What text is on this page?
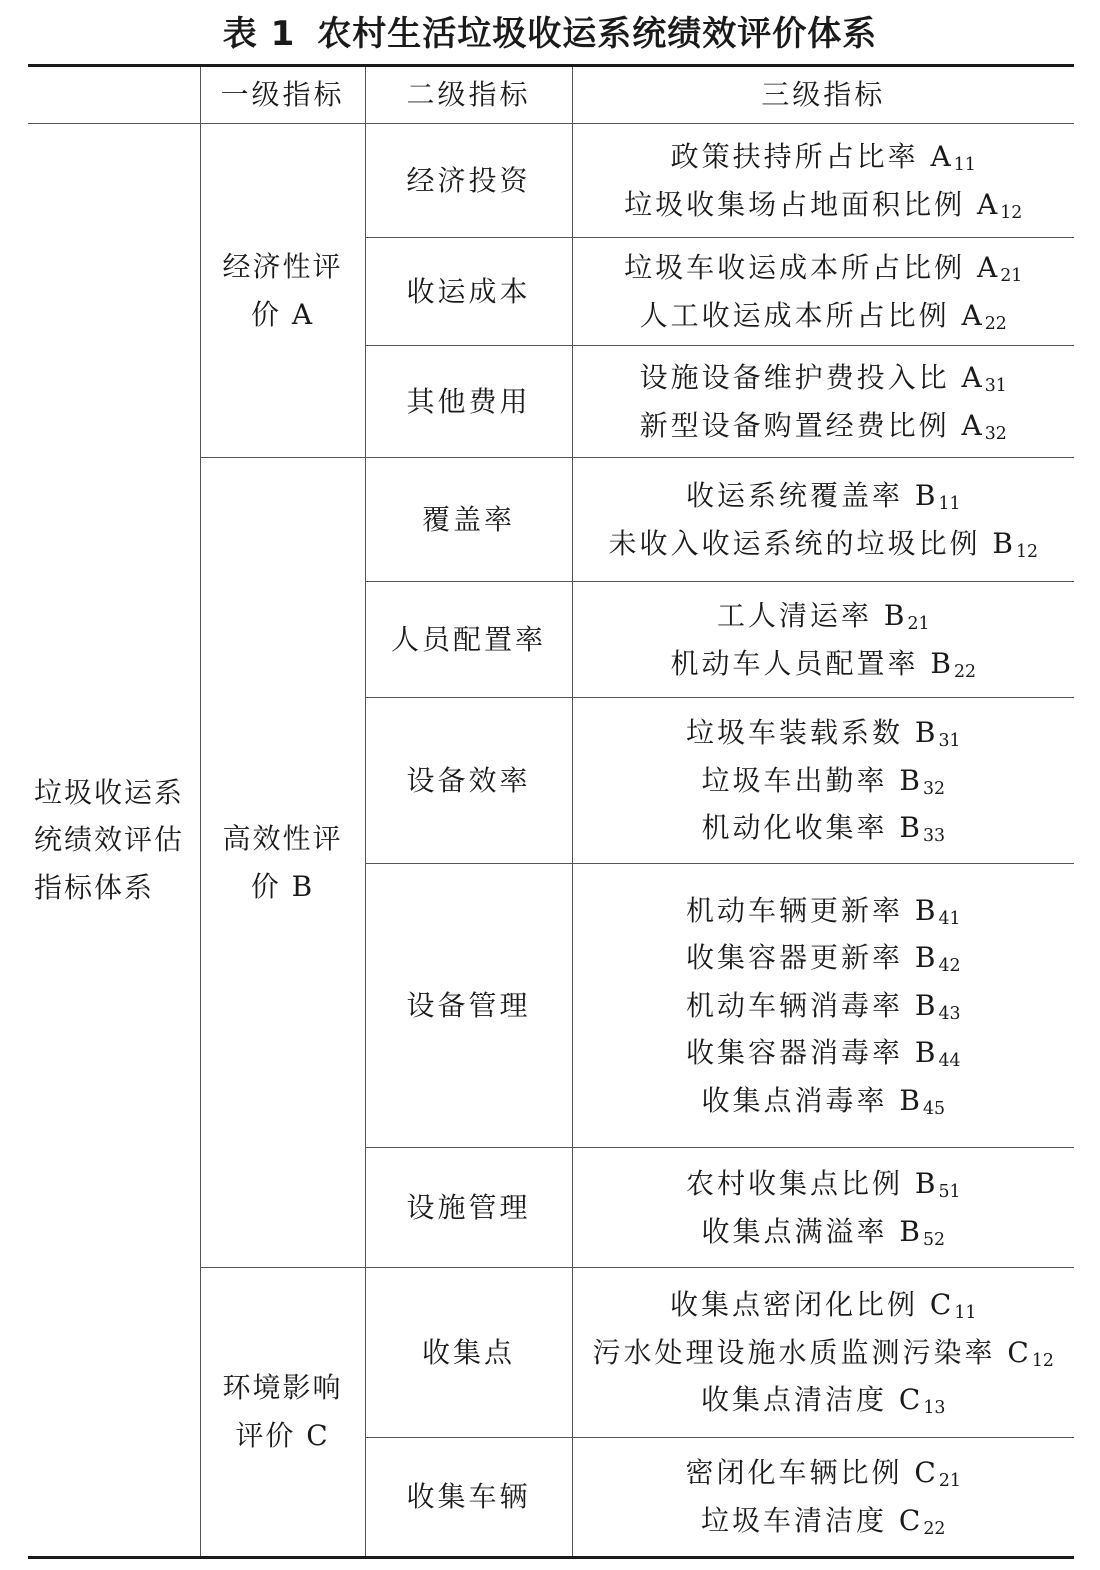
表 1 农村生活垃圾收运系统绩效评价体系
	一级指标	二级指标	三级指标

垃圾收运系
统绩效评估
指标体系	经济性评
价 A	经济投资	政策扶持所占比率 $A_{11}$
垃圾收集场占地面积比例 $A_{12}$

		收运成本	垃圾车收运成本所占比例 $A_{21}$
人工收运成本所占比例 $A_{22}$

		其他费用	设施设备维护费投入比 $A_{31}$
新型设备购置经费比例 $A_{32}$

	高效性评
价 B	覆盖率	收运系统覆盖率 $B_{11}$
未收入收运系统的垃圾比例 $B_{12}$

		人员配置率	工人清运率 $B_{21}$
机动车人员配置率 $B_{22}$

		设备效率	垃圾车装载系数 $B_{31}$
垃圾车出勤率 $B_{32}$
机动化收集率 $B_{33}$

		设备管理	机动车辆更新率 $B_{41}$
收集容器更新率 $B_{42}$
机动车辆消毒率 $B_{43}$
收集容器消毒率 $B_{44}$
收集点消毒率 $B_{45}$

		设施管理	农村收集点比例 $B_{51}$
收集点满溢率 $B_{52}$

	环境影响
评价 C	收集点	收集点密闭化比例 $C_{11}$
污水处理设施水质监测污染率 $C_{12}$
收集点清洁度 $C_{13}$

		收集车辆	密闭化车辆比例 $C_{21}$
垃圾车清洁度 $C_{22}$
